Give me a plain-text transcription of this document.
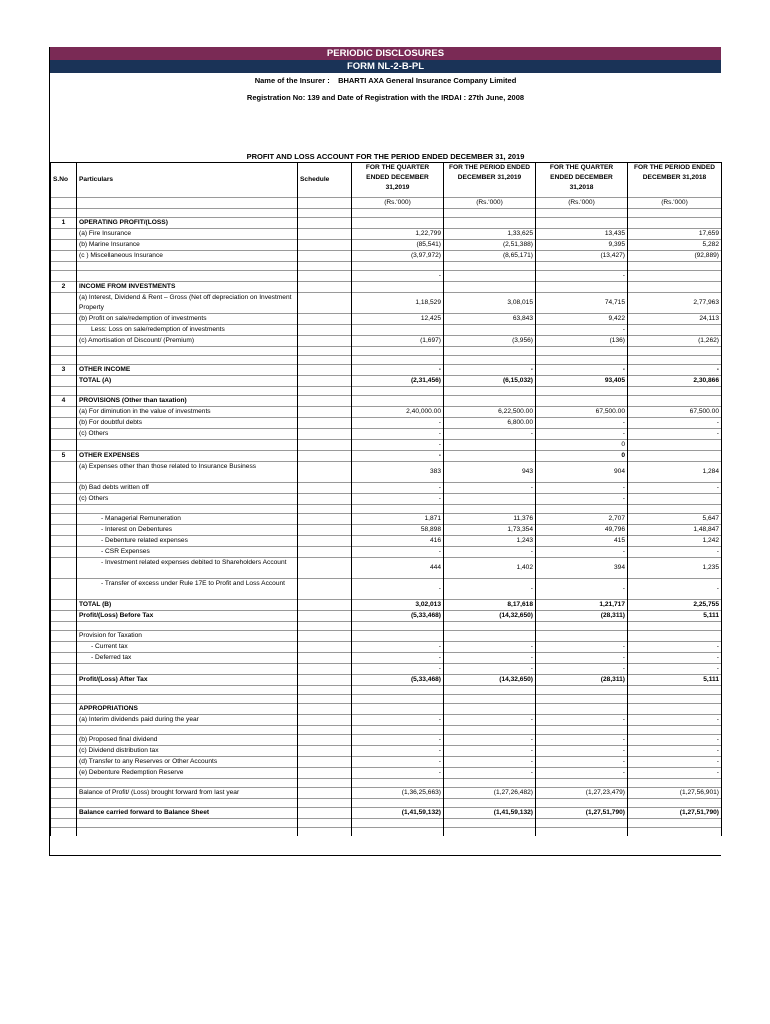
PERIODIC DISCLOSURES
FORM NL-2-B-PL
Name of the Insurer : BHARTI AXA General Insurance Company Limited
Registration No: 139 and Date of Registration with the IRDAI : 27th June, 2008
PROFIT AND LOSS ACCOUNT FOR THE PERIOD ENDED DECEMBER 31, 2019
S.No	Particulars	Schedule	FOR THE QUARTER ENDED DECEMBER 31,2019	FOR THE PERIOD ENDED DECEMBER 31,2019	FOR THE QUARTER ENDED DECEMBER 31,2018	FOR THE PERIOD ENDED DECEMBER 31,2018
			(Rs.'000)	(Rs.'000)	(Rs.'000)	(Rs.'000)

1	OPERATING PROFIT/(LOSS)					
	(a) Fire Insurance		1,22,799	1,33,625	13,435	17,659
	(b) Marine Insurance		(85,541)	(2,51,388)	9,395	5,282
	(c ) Miscellaneous Insurance		(3,97,972)	(8,65,171)	(13,427)	(92,889)

			-		-	
2	INCOME FROM INVESTMENTS					
	(a) Interest, Dividend & Rent – Gross (Net off depreciation on Investment Property		1,18,529	3,08,015	74,715	2,77,963
	(b) Profit on sale/redemption of investments		12,425	63,843	9,422	24,113
	Less: Loss on sale/redemption of investments				-	
	(c) Amortisation of Discount/ (Premium)		(1,697)	(3,956)	(136)	(1,262)

3	OTHER INCOME		-	-	-	-
	TOTAL (A)		(2,31,456)	(6,15,032)	93,405	2,30,866

4	PROVISIONS (Other than taxation)					
	(a) For diminution in the value of investments		2,40,000.00	6,22,500.00	67,500.00	67,500.00
	(b) For doubtful debts		-	6,800.00	-	-
	(c) Others		-	-	-	-
			-		0	
5	OTHER EXPENSES		-		0	
	(a) Expenses other than those related to Insurance Business		383	943	904	1,284
	(b) Bad debts written off		-	-	-	-
	(c) Others		-		-	

	- Managerial Remuneration		1,871	11,376	2,707	5,647
	- Interest on Debentures		58,898	1,73,354	49,796	1,48,847
	- Debenture related expenses		416	1,243	415	1,242
	- CSR Expenses		-	-	-	-
	- Investment related expenses debited to Shareholders Account		444	1,402	394	1,235
	- Transfer of excess under Rule 17E to Profit and Loss Account		-	-	-	-
	TOTAL (B)		3,02,013	8,17,618	1,21,717	2,25,755
	Profit/(Loss) Before Tax		(5,33,468)	(14,32,650)	(28,311)	5,111

	Provision for Taxation					
	- Current tax		-	-	-	-
	- Deferred tax		-	-	-	-
			-	-	-	-
	Profit/(Loss) After Tax		(5,33,468)	(14,32,650)	(28,311)	5,111

	APPROPRIATIONS					
	(a) Interim dividends paid during the year		-	-	-	-

	(b) Proposed final dividend		-	-	-	-
	(c) Dividend distribution tax		-	-	-	-
	(d) Transfer to any Reserves or Other Accounts		-	-	-	-
	(e) Debenture Redemption Reserve		-	-	-	-

	Balance of Profit/ (Loss) brought forward from last year		(1,36,25,663)	(1,27,26,482)	(1,27,23,479)	(1,27,56,901)

	Balance carried forward to Balance Sheet		(1,41,59,132)	(1,41,59,132)	(1,27,51,790)	(1,27,51,790)
